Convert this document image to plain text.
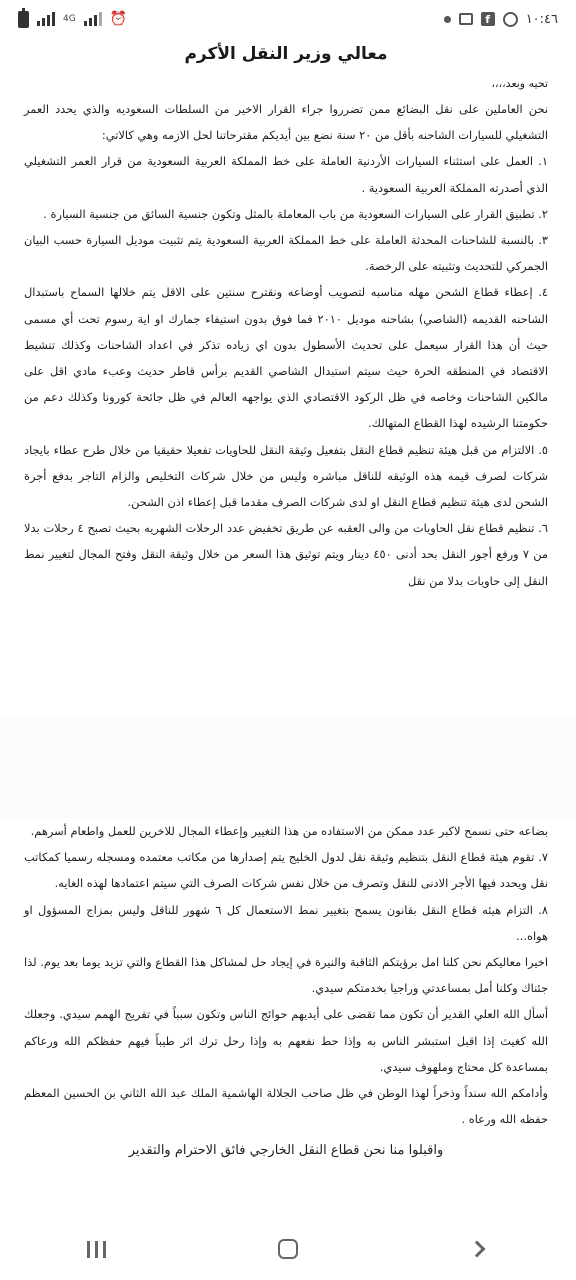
4G ⏰	f	١٠:٤٦
معالي وزير النقل الأكرم

تحيه وبعد،،،،

نحن العاملين على نقل البضائع ممن تضرروا جراء القرار الاخير من السلطات السعوديه والذي يحدد العمر التشغيلي للسيارات الشاحنه بأقل من ٢٠ سنة نضع بين أيديكم مقترحاتنا لحل الازمه وهي كالاتي:

١. العمل على استثناء السيارات الأردنية العاملة على خط المملكة العربية السعودية من قرار العمر التشغيلي الذي أصدرته المملكة العربية السعودية .

٢. تطبيق القرار على السيارات السعودية من باب المعاملة بالمثل وتكون جنسية السائق من جنسية السيارة .

٣. بالنسبة للشاحنات المحدثة العاملة على خط المملكة العربية السعودية يتم تثبيت موديل السيارة حسب البيان الجمركي للتحديث وتثبيته على الرخصة.

٤. إعطاء قطاع الشحن مهله مناسبه لتصويب أوضاعه ونقترح سنتين على الاقل يتم خلالها السماح باستبدال الشاحنه القديمه (الشاصي) بشاحنه موديل ٢٠١٠ فما فوق بدون استيفاء جمارك او اية رسوم تحت أي مسمى حيث أن هذا القرار سيعمل على تحديث الأسطول بدون اي زياده تذكر في اعداد الشاحنات وكذلك تنشيط الاقتصاد في المنطقه الحرة حيث سيتم استبدال الشاصي القديم برأس قاطر حديث وعبء مادي اقل على مالكين الشاحنات وخاصه في ظل الركود الاقتصادي الذي يواجهه العالم في ظل جائحة كورونا وكذلك دعم من حكومتنا الرشيده لهذا القطاع المتهالك.

٥. الالتزام من قبل هيئة تنظيم قطاع النقل بتفعيل وثيقة النقل للحاويات تفعيلا حقيقيا من خلال طرح عطاء بايجاد شركات لصرف قيمه هذه الوثيقه للناقل مباشره وليس من خلال شركات التخليص والزام التاجر بدفع أجرة الشحن لدى هيئة تنظيم قطاع النقل او لدى شركات الصرف مقدما قبل إعطاء اذن الشحن.

٦. تنظيم قطاع نقل الحاويات من والى العقبه عن طريق تخفيض عدد الرحلات الشهريه بحيث تصبح ٤ رحلات بدلا من ٧ ورفع أجور النقل بحد أدنى ٤٥٠ دينار ويتم توثيق هذا السعر من خلال وثيقة النقل وفتح المجال لتغيير نمط النقل إلى حاويات بدلا من نقل

بضاعه حتى نسمح لاكبر عدد ممكن من الاستفاده من هذا التغيير وإعطاء المجال للاخرين للعمل واطعام أسرهم.

٧. تقوم هيئة قطاع النقل بتنظيم وثيقة نقل لدول الخليج يتم إصدارها من مكاتب معتمده ومسجله رسميا كمكاتب نقل ويحدد فيها الأجر الادنى للنقل وتصرف من خلال نفس شركات الصرف التي سيتم اعتمادها لهذه الغايه.

٨. التزام هيئه قطاع النقل بقانون يسمح بتغيير نمط الاستعمال كل ٦ شهور للناقل وليس بمزاج المسؤول او هواه...

اخيرا معاليكم نحن كلنا امل برؤيتكم الثاقبة والنيرة في إيجاد حل لمشاكل هذا القطاع والتي تزيد يوما بعد يوم. لذا جئناك وكلنا أمل بمساعدتي وراجيا بخدمتكم سيدي.

أسأل الله العلي القدير أن تكون مما تقضى على أيديهم حوائج الناس وتكون سبباً في تفريج الهمم سيدي. وجعلك الله كغيث إذا اقبل استبشر الناس به وإذا حط نفعهم به وإذا رحل ترك اثر طيباً فيهم حفظكم الله ورعاكم بمساعدة كل محتاج وملهوف سيدي.

وأدامكم الله سنداً وذخراً لهذا الوطن في ظل صاحب الجلالة الهاشمية الملك عبد الله الثاني بن الحسين المعظم حفظه الله ورعاه .

واقبلوا منا نحن قطاع النقل الخارجي فائق الاحترام والتقدير
